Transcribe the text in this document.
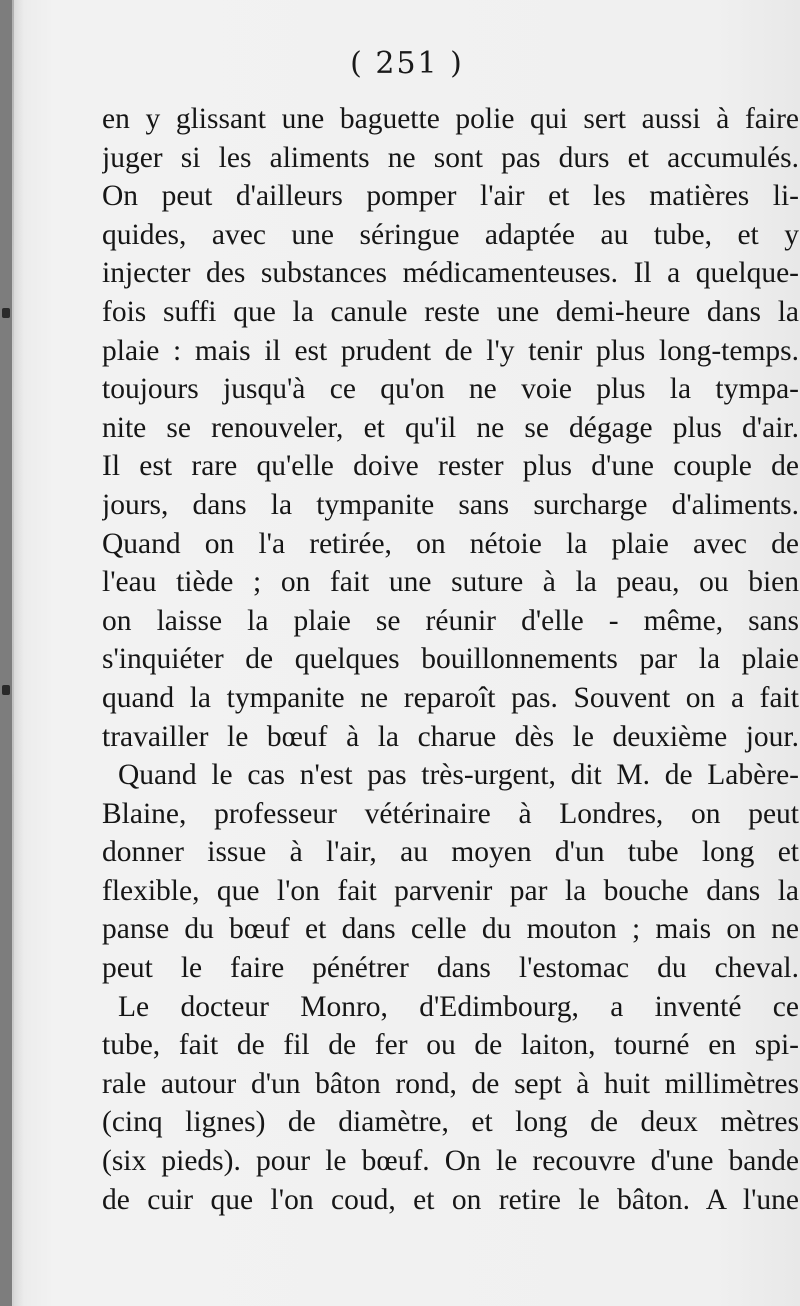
( 251 )
en y glissant une baguette polie qui sert aussi à faire
juger si les aliments ne sont pas durs et accumulés.
On peut d'ailleurs pomper l'air et les matières li-
quides, avec une séringue adaptée au tube, et y
injecter des substances médicamenteuses. Il a quelque-
fois suffi que la canule reste une demi-heure dans la
plaie : mais il est prudent de l'y tenir plus long-temps.
toujours jusqu'à ce qu'on ne voie plus la tympa-
nite se renouveler, et qu'il ne se dégage plus d'air.
Il est rare qu'elle doive rester plus d'une couple de
jours, dans la tympanite sans surcharge d'aliments.
Quand on l'a retirée, on nétoie la plaie avec de
l'eau tiède ; on fait une suture à la peau, ou bien
on laisse la plaie se réunir d'elle - même, sans
s'inquiéter de quelques bouillonnements par la plaie
quand la tympanite ne reparoît pas. Souvent on a fait
travailler le bœuf à la charue dès le deuxième jour.
Quand le cas n'est pas très-urgent, dit M. de Labère-
Blaine, professeur vétérinaire à Londres, on peut
donner issue à l'air, au moyen d'un tube long et
flexible, que l'on fait parvenir par la bouche dans la
panse du bœuf et dans celle du mouton ; mais on ne
peut le faire pénétrer dans l'estomac du cheval.
Le docteur Monro, d'Edimbourg, a inventé ce
tube, fait de fil de fer ou de laiton, tourné en spi-
rale autour d'un bâton rond, de sept à huit millimètres
(cinq lignes) de diamètre, et long de deux mètres
(six pieds). pour le bœuf. On le recouvre d'une bande
de cuir que l'on coud, et on retire le bâton. A l'une
